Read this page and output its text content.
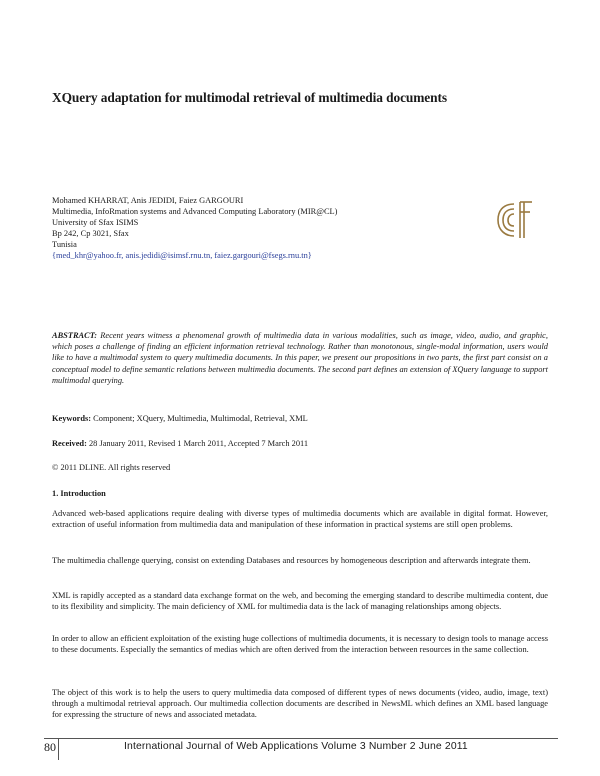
XQuery adaptation for multimodal retrieval of multimedia documents
Mohamed KHARRAT, Anis JEDIDI, Faiez GARGOURI
Multimedia, InfoRmation systems and Advanced Computing Laboratory (MIR@CL)
University of Sfax ISIMS
Bp 242, Cp 3021, Sfax
Tunisia
{med_khr@yahoo.fr, anis.jedidi@isimsf.rnu.tn, faiez.gargouri@fsegs.rnu.tn}

ABSTRACT: Recent years witness a phenomenal growth of multimedia data in various modalities, such as image, video, audio, and graphic, which poses a challenge of finding an efficient information retrieval technology. Rather than monotonous, single-modal information, users would like to have a multimodal system to query multimedia documents. In this paper, we present our propositions in two parts, the first part consist on a conceptual model to define semantic relations between multimedia documents. The second part defines an extension of XQuery language to support multimodal querying.

Keywords: Component; XQuery, Multimedia, Multimodal, Retrieval, XML

Received: 28 January 2011, Revised 1 March 2011, Accepted 7 March 2011

© 2011 DLINE. All rights reserved

1. Introduction

Advanced web-based applications require dealing with diverse types of multimedia documents which are available in digital format. However, extraction of useful information from multimedia data and manipulation of these information in practical systems are still open problems.

The multimedia challenge querying, consist on extending Databases and resources by homogeneous description and afterwards integrate them.

XML is rapidly accepted as a standard data exchange format on the web, and becoming the emerging standard to describe multimedia content, due to its flexibility and simplicity. The main deficiency of XML for multimedia data is the lack of managing relationships among objects.

In order to allow an efficient exploitation of the existing huge collections of multimedia documents, it is necessary to design tools to manage access to these documents. Especially the semantics of medias which are often derived from the interaction between resources in the same collection.

The object of this work is to help the users to query multimedia data composed of different types of news documents (video, audio, image, text) through a multimodal retrieval approach. Our multimedia collection documents are described in NewsML which defines an XML based language for expressing the structure of news and associated metadata.

80	International Journal of Web Applications Volume 3 Number 2 June 2011
